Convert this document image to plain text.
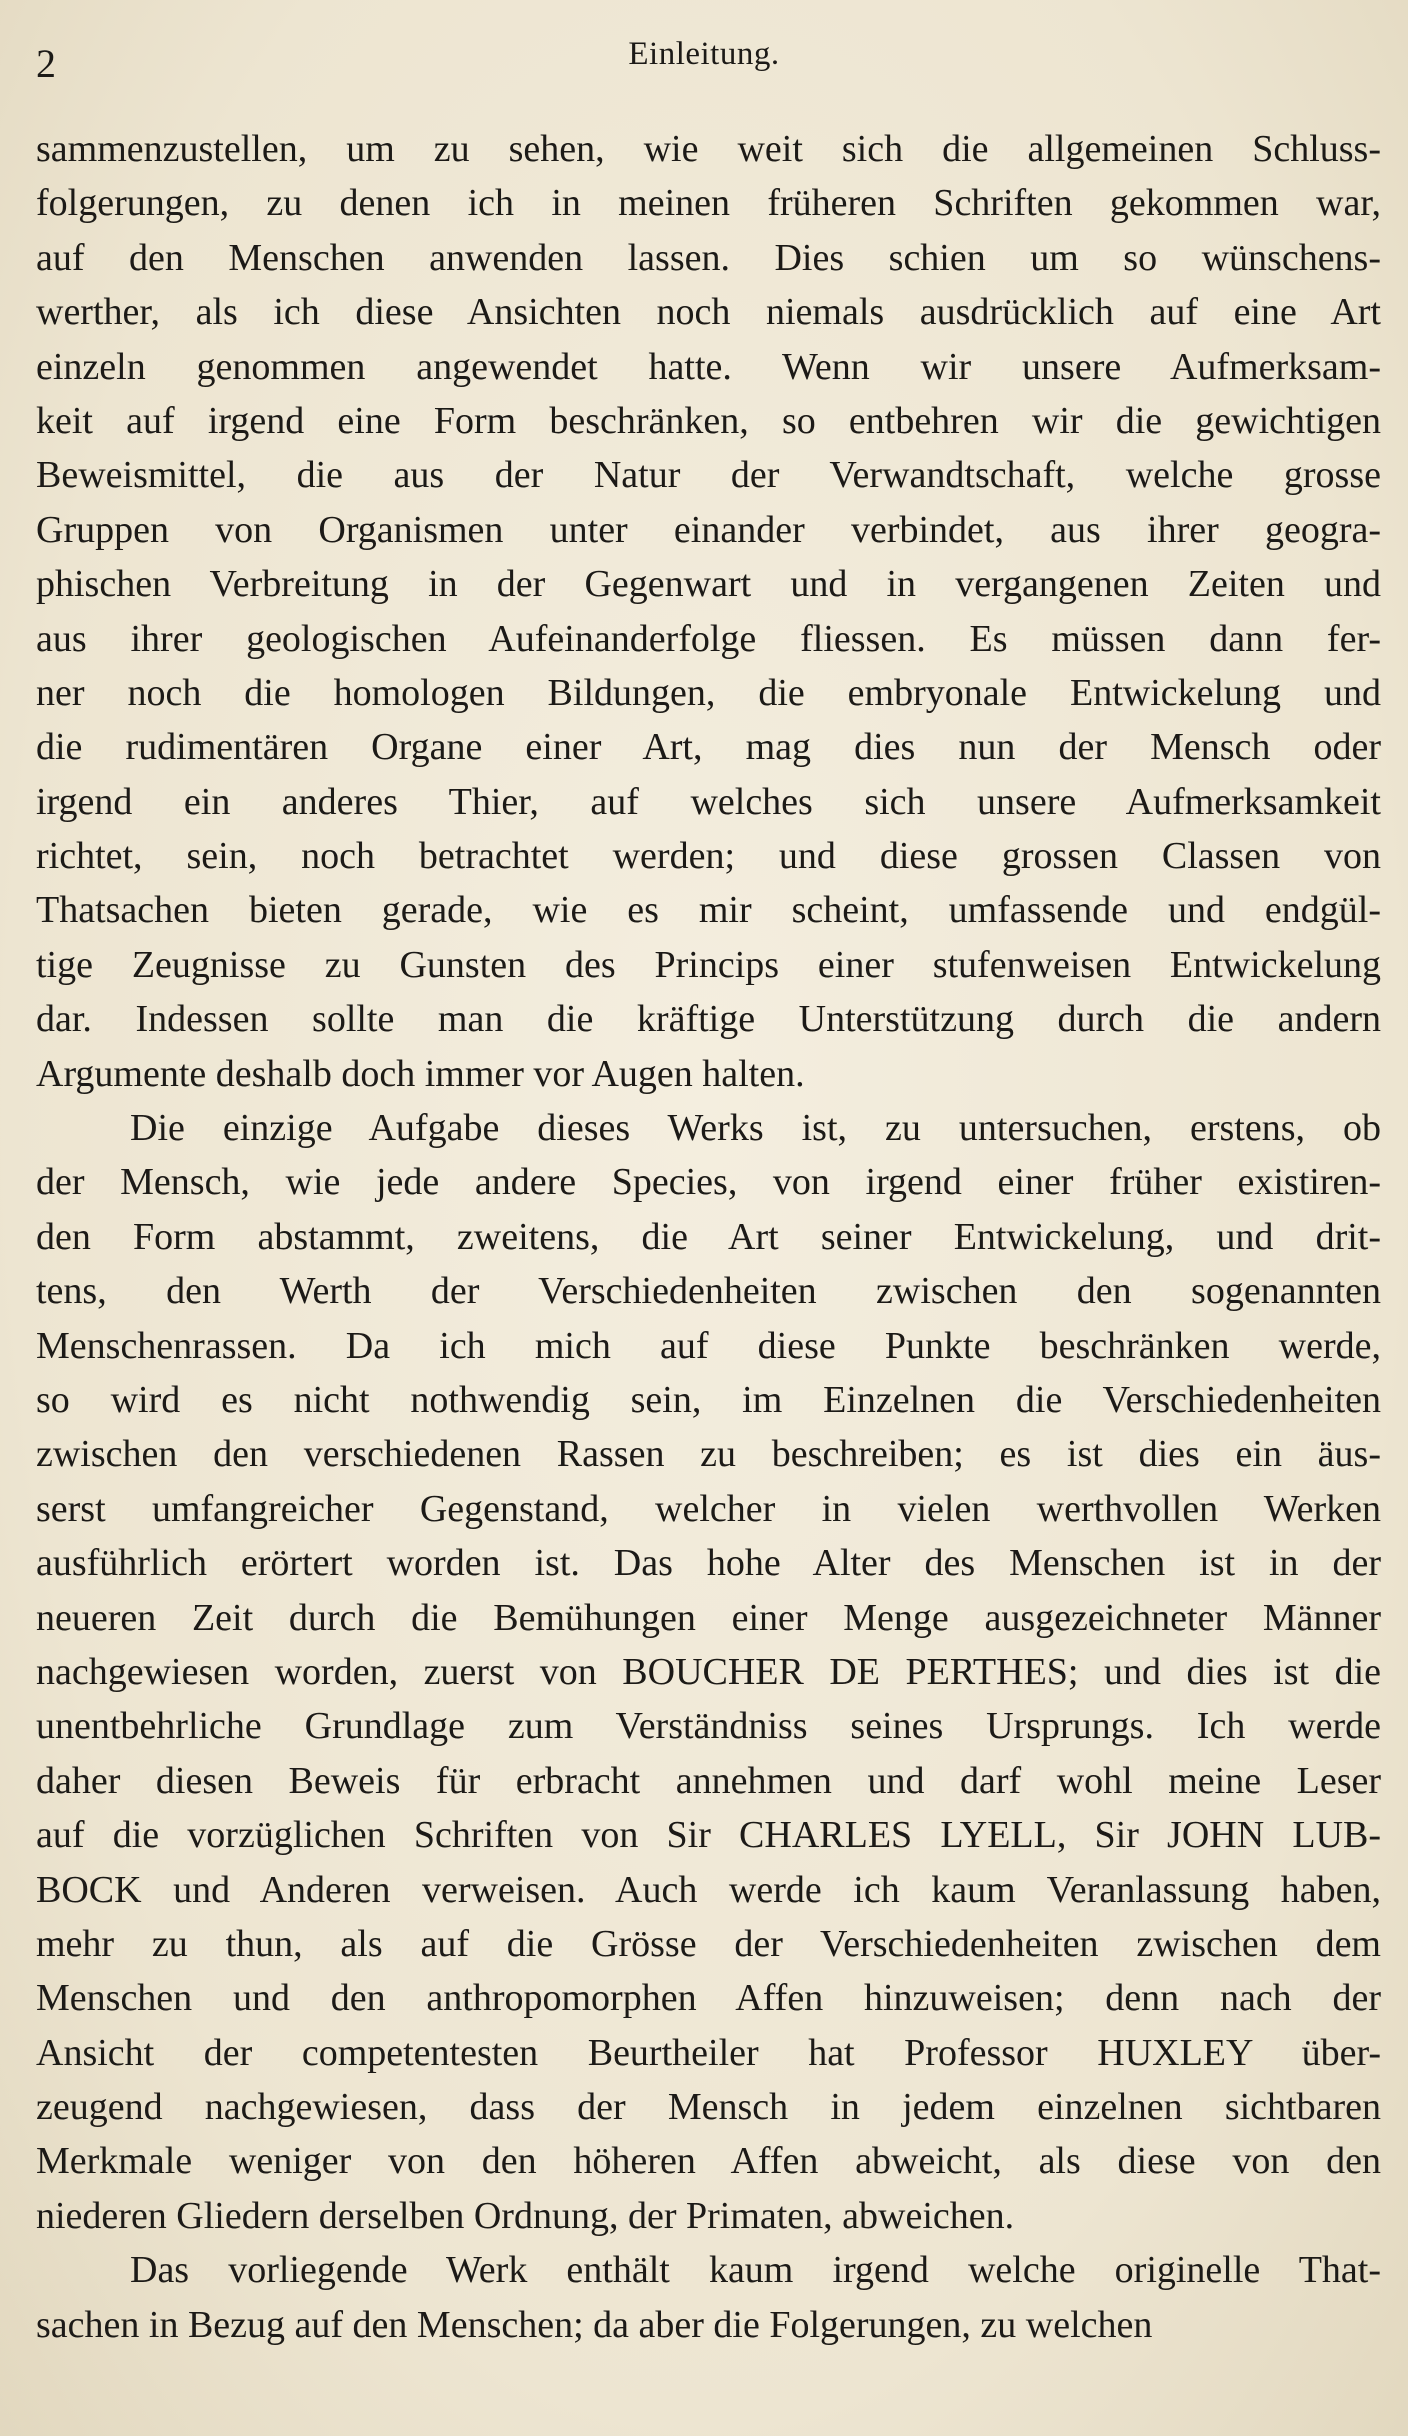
2	Einleitung.
sammenzustellen, um zu sehen, wie weit sich die allgemeinen Schluss-
folgerungen, zu denen ich in meinen früheren Schriften gekommen war,
auf den Menschen anwenden lassen. Dies schien um so wünschens-
werther, als ich diese Ansichten noch niemals ausdrücklich auf eine Art
einzeln genommen angewendet hatte. Wenn wir unsere Aufmerksam-
keit auf irgend eine Form beschränken, so entbehren wir die gewichtigen
Beweismittel, die aus der Natur der Verwandtschaft, welche grosse
Gruppen von Organismen unter einander verbindet, aus ihrer geogra-
phischen Verbreitung in der Gegenwart und in vergangenen Zeiten und
aus ihrer geologischen Aufeinanderfolge fliessen. Es müssen dann fer-
ner noch die homologen Bildungen, die embryonale Entwickelung und
die rudimentären Organe einer Art, mag dies nun der Mensch oder
irgend ein anderes Thier, auf welches sich unsere Aufmerksamkeit
richtet, sein, noch betrachtet werden; und diese grossen Classen von
Thatsachen bieten gerade, wie es mir scheint, umfassende und endgül-
tige Zeugnisse zu Gunsten des Princips einer stufenweisen Entwickelung
dar. Indessen sollte man die kräftige Unterstützung durch die andern
Argumente deshalb doch immer vor Augen halten.
Die einzige Aufgabe dieses Werks ist, zu untersuchen, erstens, ob
der Mensch, wie jede andere Species, von irgend einer früher existiren-
den Form abstammt, zweitens, die Art seiner Entwickelung, und drit-
tens, den Werth der Verschiedenheiten zwischen den sogenannten
Menschenrassen. Da ich mich auf diese Punkte beschränken werde,
so wird es nicht nothwendig sein, im Einzelnen die Verschiedenheiten
zwischen den verschiedenen Rassen zu beschreiben; es ist dies ein äus-
serst umfangreicher Gegenstand, welcher in vielen werthvollen Werken
ausführlich erörtert worden ist. Das hohe Alter des Menschen ist in der
neueren Zeit durch die Bemühungen einer Menge ausgezeichneter Männer
nachgewiesen worden, zuerst von BOUCHER DE PERTHES; und dies ist die
unentbehrliche Grundlage zum Verständniss seines Ursprungs. Ich werde
daher diesen Beweis für erbracht annehmen und darf wohl meine Leser
auf die vorzüglichen Schriften von Sir CHARLES LYELL, Sir JOHN LUB-
BOCK und Anderen verweisen. Auch werde ich kaum Veranlassung haben,
mehr zu thun, als auf die Grösse der Verschiedenheiten zwischen dem
Menschen und den anthropomorphen Affen hinzuweisen; denn nach der
Ansicht der competentesten Beurtheiler hat Professor HUXLEY über-
zeugend nachgewiesen, dass der Mensch in jedem einzelnen sichtbaren
Merkmale weniger von den höheren Affen abweicht, als diese von den
niederen Gliedern derselben Ordnung, der Primaten, abweichen.
Das vorliegende Werk enthält kaum irgend welche originelle That-
sachen in Bezug auf den Menschen; da aber die Folgerungen, zu welchen
